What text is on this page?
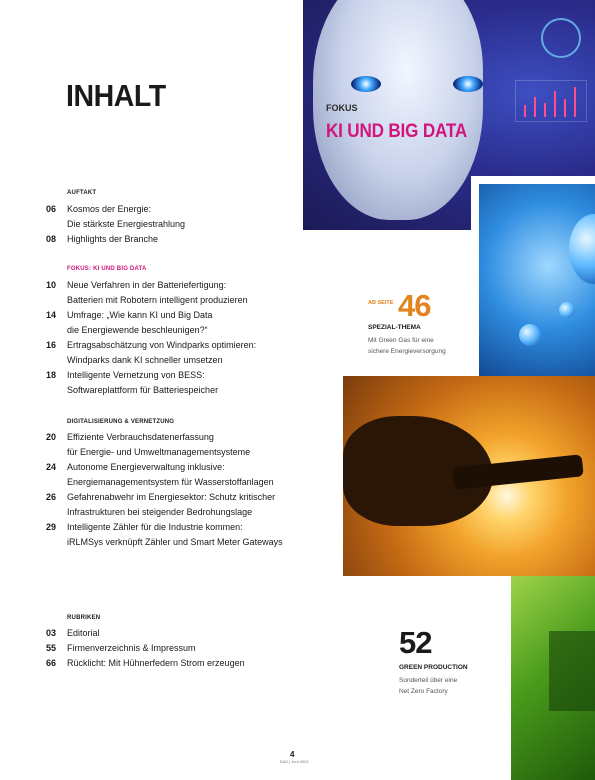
INHALT
AUFTAKT
06	Kosmos der Energie:
Die stärkste Energiestrahlung
08	Highlights der Branche
FOKUS: KI UND BIG DATA
10	Neue Verfahren in der Batteriefertigung:
Batterien mit Robotern intelligent produzieren
14	Umfrage: „Wie kann KI und Big Data
die Energiewende beschleunigen?“
16	Ertragsabschätzung von Windparks optimieren:
Windparks dank KI schneller umsetzen
18	Intelligente Vernetzung von BESS:
Softwareplattform für Batteriespeicher
DIGITALISIERUNG & VERNETZUNG
20	Effiziente Verbrauchsdatenerfassung
für Energie- und Umweltmanagementsysteme
24	Autonome Energieverwaltung inklusive:
Energiemanagementsystem für Wasserstoffanlagen
26	Gefahrenabwehr im Energiesektor: Schutz kritischer
Infrastrukturen bei steigender Bedrohungslage
29	Intelligente Zähler für die Industrie kommen:
iRLMSys verknüpft Zähler und Smart Meter Gateways
RUBRIKEN
03	Editorial
55	Firmenverzeichnis & Impressum
66	Rücklicht: Mit Hühnerfedern Strom erzeugen
FOKUS
KI UND BIG DATA
AB SEITE 46
SPEZIAL-THEMA
Mit Green Gas für eine
sichere Energieversorgung
52
GREEN PRODUCTION
Sonderteil über eine
Net Zero Factory
4
E&E | Juni 2024
